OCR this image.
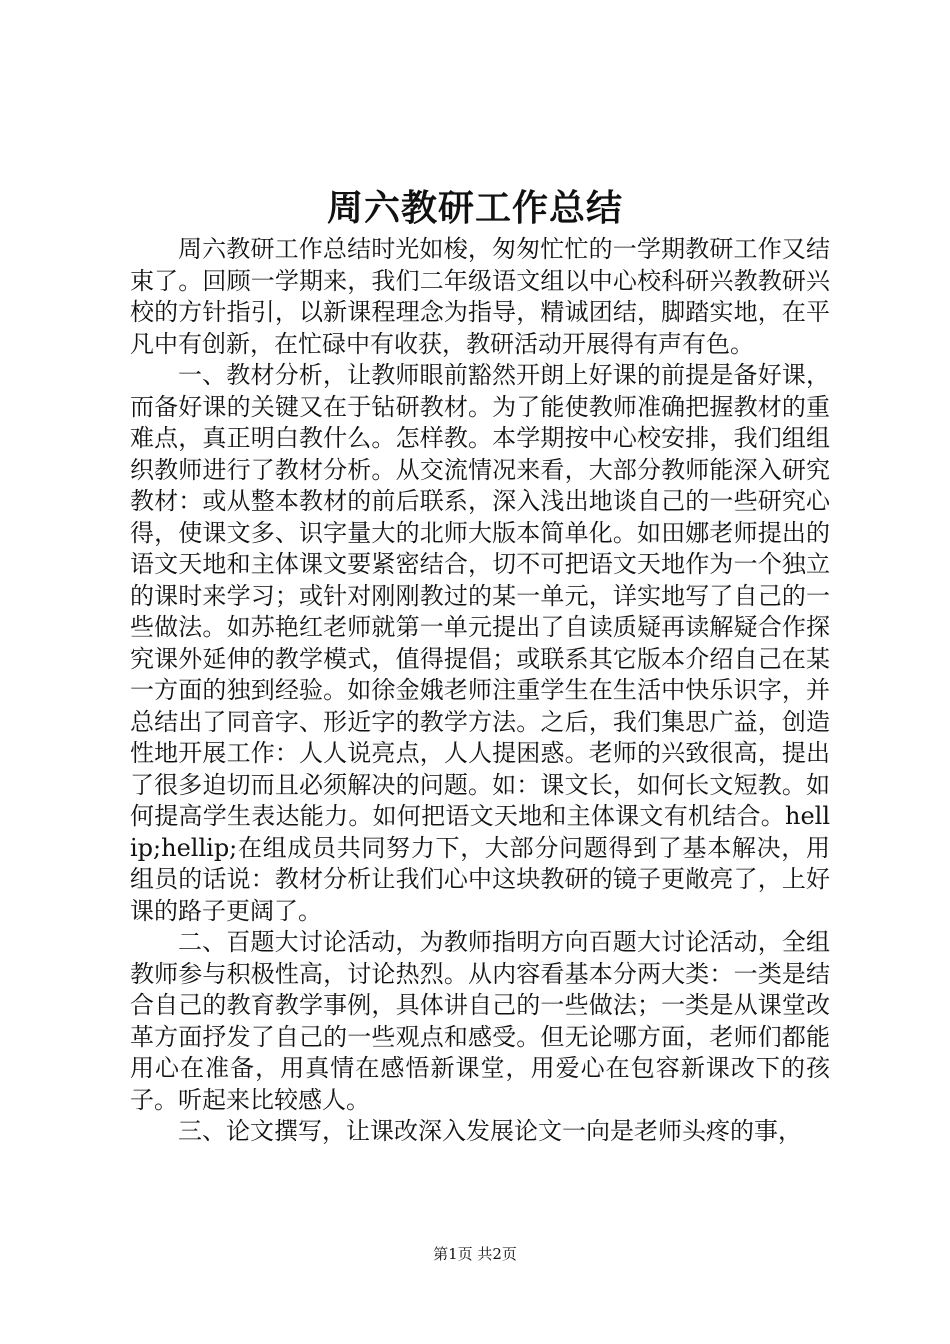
周六教研工作总结

周六教研工作总结时光如梭，匆匆忙忙的一学期教研工作又结束了。回顾一学期来，我们二年级语文组以中心校科研兴教教研兴校的方针指引，以新课程理念为指导，精诚团结，脚踏实地，在平凡中有创新，在忙碌中有收获，教研活动开展得有声有色。

一、教材分析，让教师眼前豁然开朗上好课的前提是备好课，而备好课的关键又在于钻研教材。为了能使教师准确把握教材的重难点，真正明白教什么。怎样教。本学期按中心校安排，我们组组织教师进行了教材分析。从交流情况来看，大部分教师能深入研究教材：或从整本教材的前后联系，深入浅出地谈自己的一些研究心得，使课文多、识字量大的北师大版本简单化。如田娜老师提出的语文天地和主体课文要紧密结合，切不可把语文天地作为一个独立的课时来学习；或针对刚刚教过的某一单元，详实地写了自己的一些做法。如苏艳红老师就第一单元提出了自读质疑再读解疑合作探究课外延伸的教学模式，值得提倡；或联系其它版本介绍自己在某一方面的独到经验。如徐金娥老师注重学生在生活中快乐识字，并总结出了同音字、形近字的教学方法。之后，我们集思广益，创造性地开展工作：人人说亮点，人人提困惑。老师的兴致很高，提出了很多迫切而且必须解决的问题。如：课文长，如何长文短教。如何提高学生表达能力。如何把语文天地和主体课文有机结合。hellip;hellip;在组成员共同努力下，大部分问题得到了基本解决，用组员的话说：教材分析让我们心中这块教研的镜子更敞亮了，上好课的路子更阔了。

二、百题大讨论活动，为教师指明方向百题大讨论活动，全组教师参与积极性高，讨论热烈。从内容看基本分两大类：一类是结合自己的教育教学事例，具体讲自己的一些做法；一类是从课堂改革方面抒发了自己的一些观点和感受。但无论哪方面，老师们都能用心在准备，用真情在感悟新课堂，用爱心在包容新课改下的孩子。听起来比较感人。

三、论文撰写，让课改深入发展论文一向是老师头疼的事，

第1页 共2页
